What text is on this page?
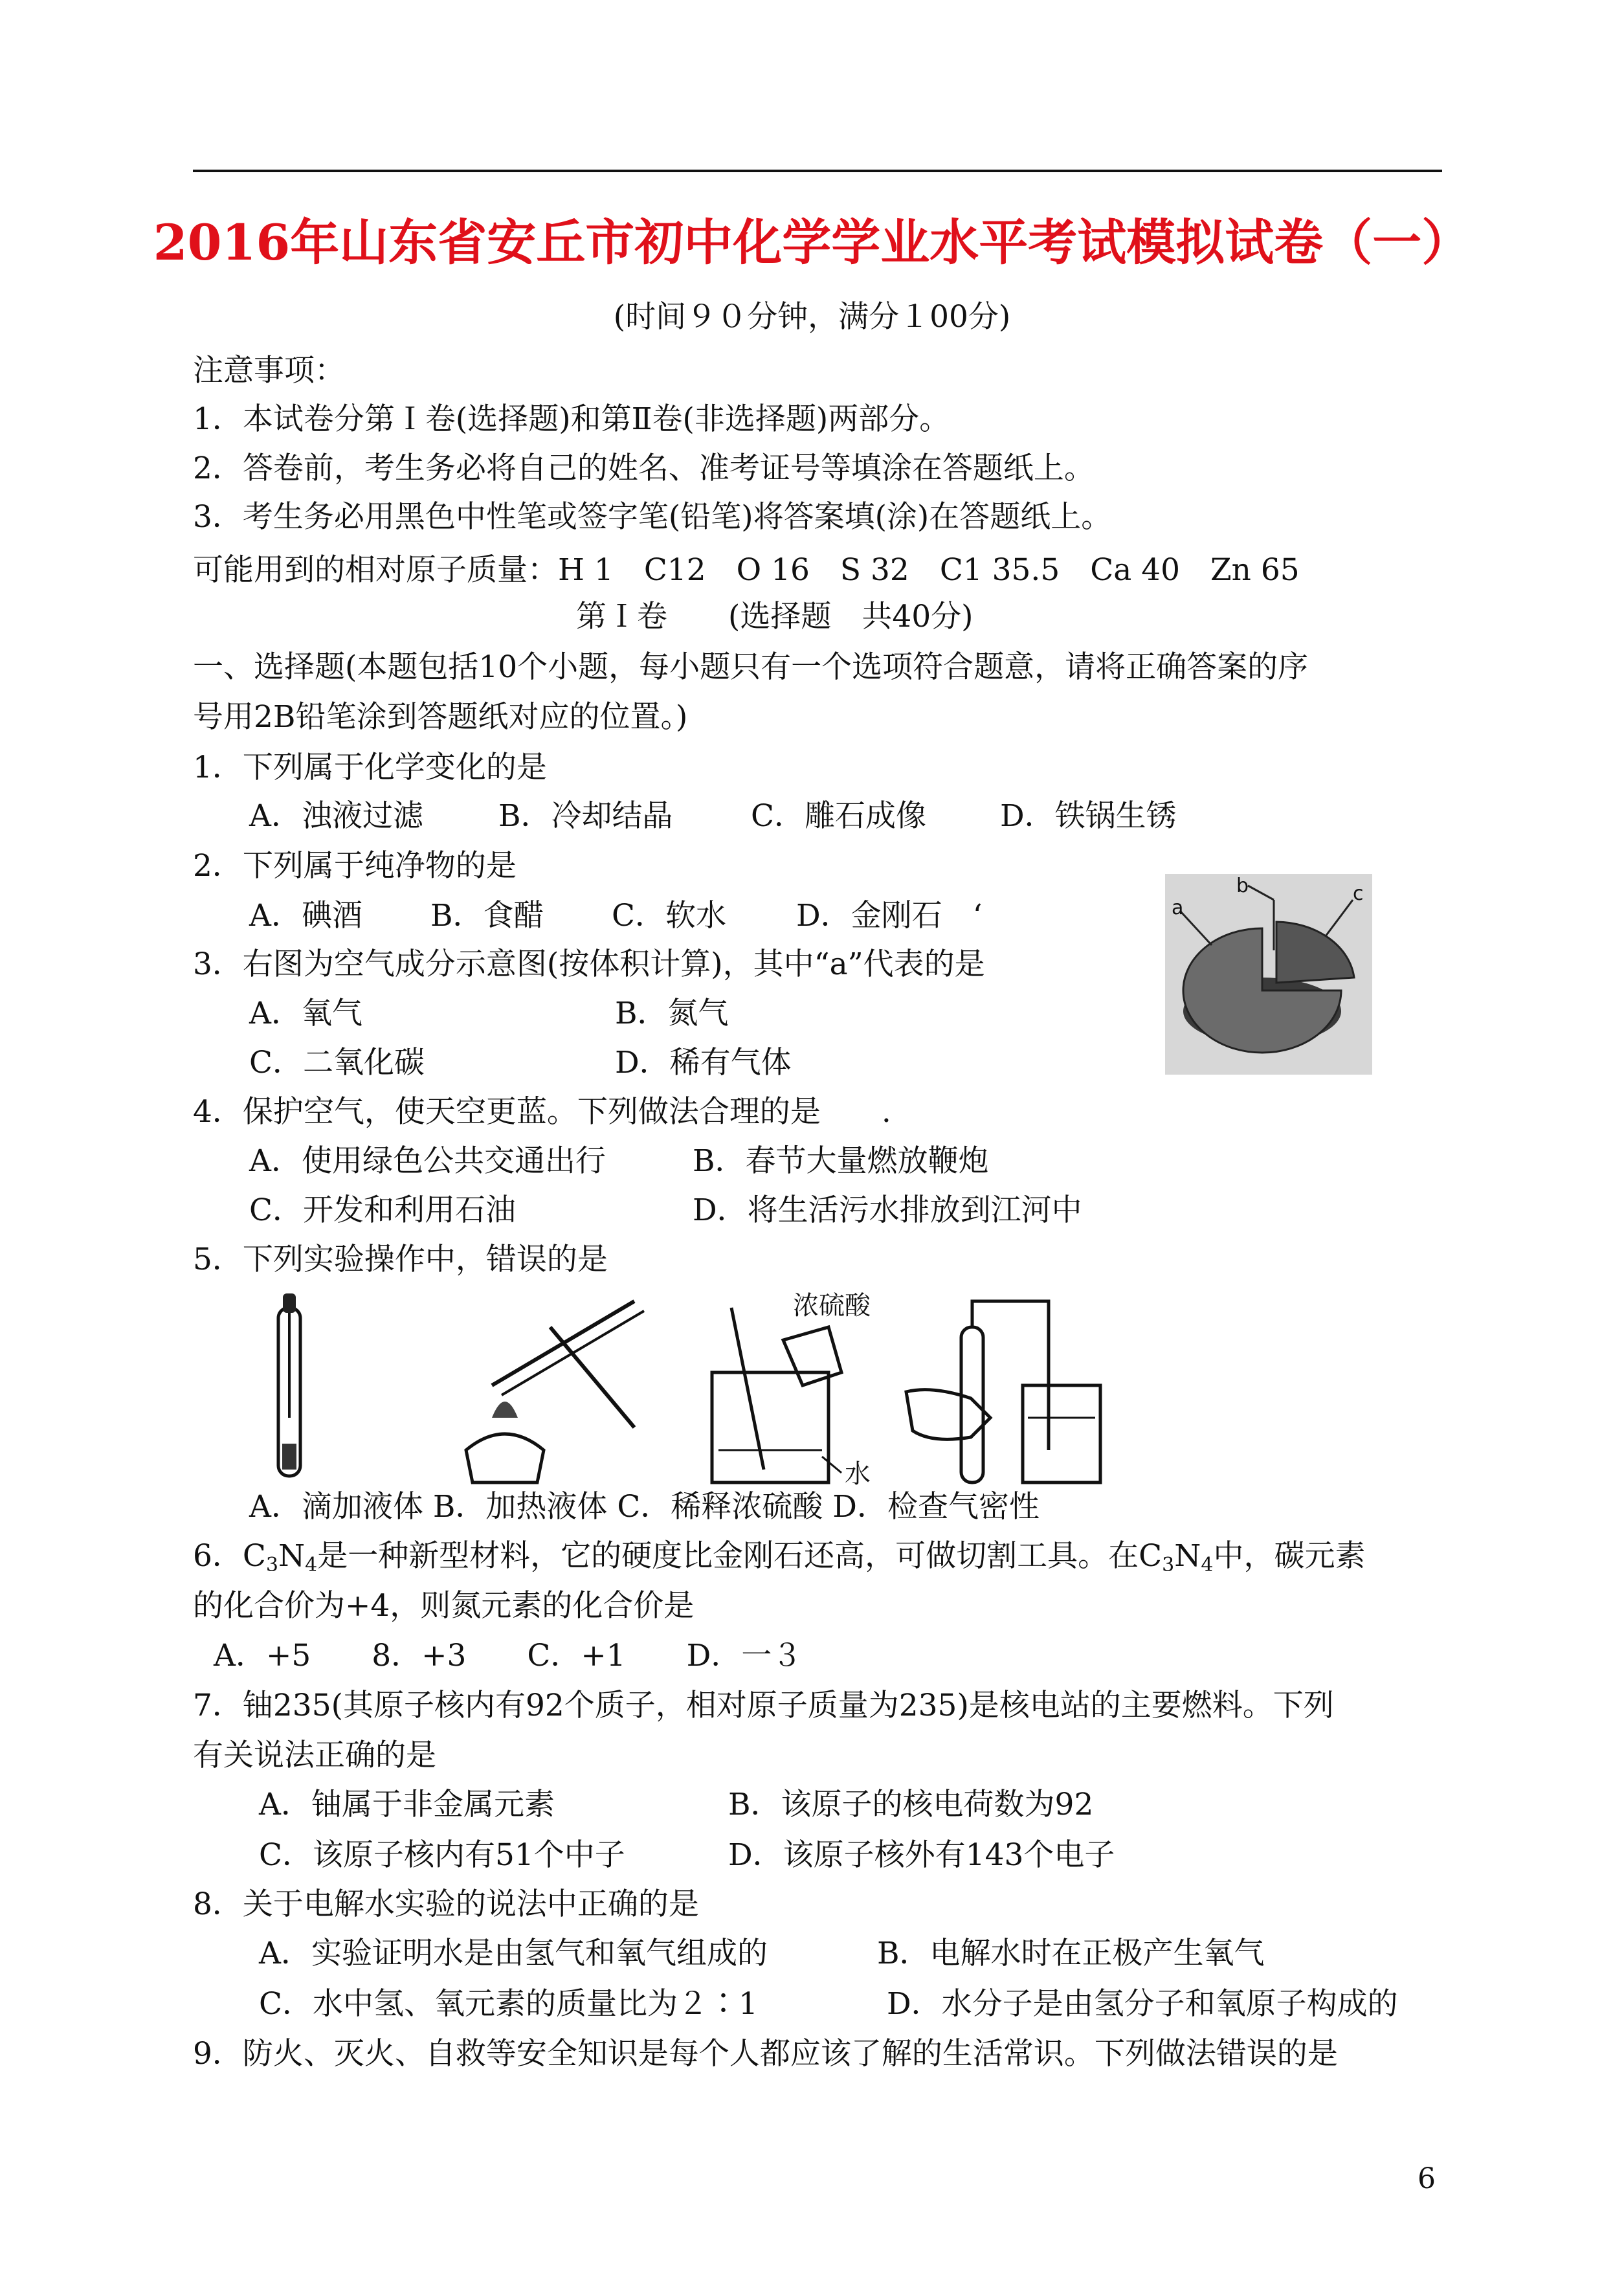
2016年山东省安丘市初中化学学业水平考试模拟试卷（一）
(时间９０分钟，满分１00分)
注意事项：
1．本试卷分第Ｉ卷(选择题)和第Ⅱ卷(非选择题)两部分。
2．答卷前，考生务必将自己的姓名、准考证号等填涂在答题纸上。
3．考生务必用黑色中性笔或签字笔(铅笔)将答案填(涂)在答题纸上。
可能用到的相对原子质量：H 1　C12　O 16　S 32　C1 35.5　Ca 40　Zn 65
第Ｉ卷　　(选择题　共40分)
一、选择题(本题包括10个小题，每小题只有一个选项符合题意，请将正确答案的序
号用2B铅笔涂到答题纸对应的位置。)
1．下列属于化学变化的是
A．浊液过滤 B．冷却结晶	C．雕石成像 D．铁锅生锈
2．下列属于纯净物的是
A．碘酒 B．食醋 C．软水 D．金刚石　‘
3．右图为空气成分示意图(按体积计算)，其中“a”代表的是
A．氧气	B．氮气
C．二氧化碳	D．稀有气体
a
b	c
4．保护空气，使天空更蓝。下列做法合理的是　　.
A．使用绿色公共交通出行	B．春节大量燃放鞭炮
C．开发和利用石油	D．将生活污水排放到江河中
5．下列实验操作中，错误的是
浓硫酸
水
A．滴加液体 B．加热液体 C．稀释浓硫酸 D．检查气密性
6．$C_3N_4$是一种新型材料，它的硬度比金刚石还高，可做切割工具。在$C_3N_4$中，碳元素
的化合价为+4，则氮元素的化合价是
A．+5　　8．+3　　C．+1　　D．一３
7．铀235(其原子核内有92个质子，相对原子质量为235)是核电站的主要燃料。下列
有关说法正确的是
A．铀属于非金属元素	B．该原子的核电荷数为92
C．该原子核内有51个中子	D．该原子核外有143个电子
8．关于电解水实验的说法中正确的是
A．实验证明水是由氢气和氧气组成的	B．电解水时在正极产生氧气
C．水中氢、氧元素的质量比为２∶1	D．水分子是由氢分子和氧原子构成的
9．防火、灭火、自救等安全知识是每个人都应该了解的生活常识。下列做法错误的是
6
